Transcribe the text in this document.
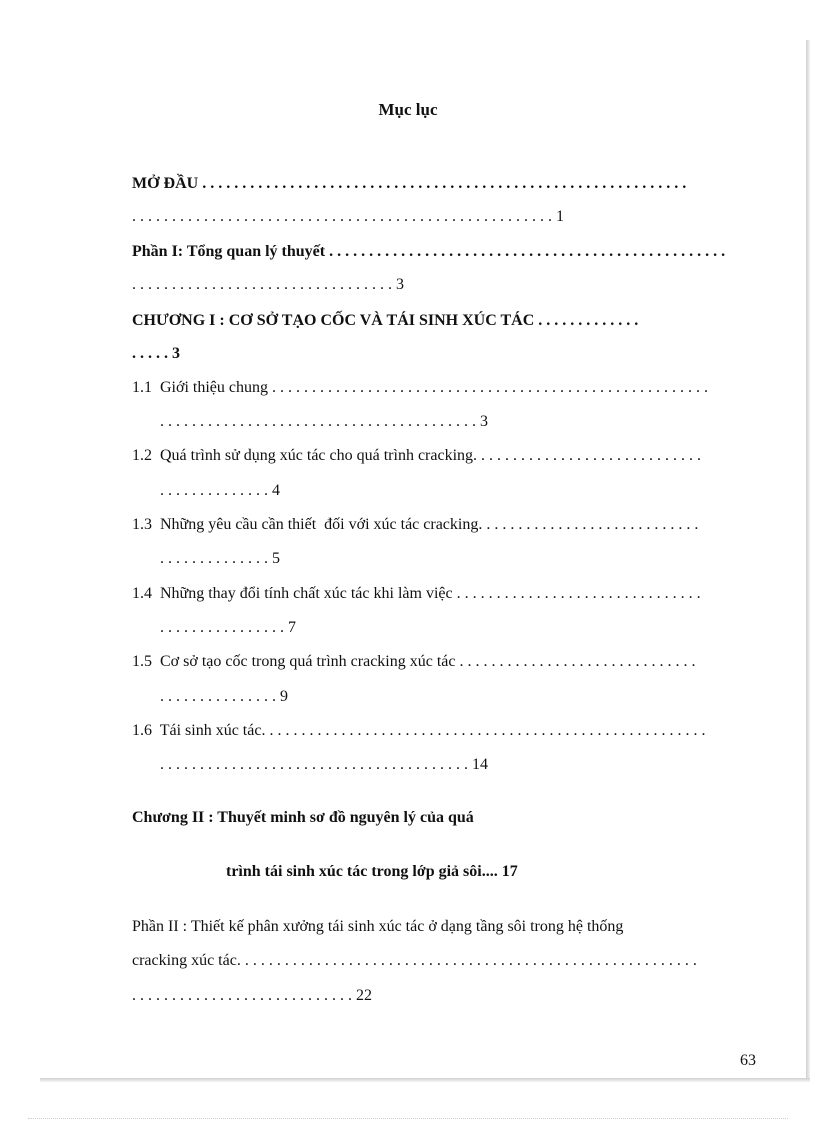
Mục lục
MỞ ĐẦU . . . . . . . . . . . . . . . . . . . . . . . . . . . . . . . . . . . . . . . . . . . . . . . . . . . . . . . . . . . . .
. . . . . . . . . . . . . . . . . . . . . . . . . . . . . . . . . . . . . . . . . . . . . . . . . . . . . 1
Phần I: Tổng quan lý thuyết . . . . . . . . . . . . . . . . . . . . . . . . . . . . . . . . . . . . . . . . . . . . . . . . . .
. . . . . . . . . . . . . . . . . . . . . . . . . . . . . . . . . 3
CHƯƠNG I : CƠ SỞ TẠO CỐC VÀ TÁI SINH XÚC TÁC . . . . . . . . . . . . .
. . . . . 3
1.1  Giới thiệu chung . . . . . . . . . . . . . . . . . . . . . . . . . . . . . . . . . . . . . . . . . . . . . . . . . . . . . . .
. . . . . . . . . . . . . . . . . . . . . . . . . . . . . . . . . . . . . . . . 3
1.2  Quá trình sử dụng xúc tác cho quá trình cracking. . . . . . . . . . . . . . . . . . . . . . . . . . . . .
. . . . . . . . . . . . . . 4
1.3  Những yêu cầu cần thiết  đối với xúc tác cracking. . . . . . . . . . . . . . . . . . . . . . . . . . . .
. . . . . . . . . . . . . . 5
1.4  Những thay đổi tính chất xúc tác khi làm việc . . . . . . . . . . . . . . . . . . . . . . . . . . . . . . .
. . . . . . . . . . . . . . . . 7
1.5  Cơ sở tạo cốc trong quá trình cracking xúc tác . . . . . . . . . . . . . . . . . . . . . . . . . . . . . .
. . . . . . . . . . . . . . . 9
1.6  Tái sinh xúc tác. . . . . . . . . . . . . . . . . . . . . . . . . . . . . . . . . . . . . . . . . . . . . . . . . . . . . . . .
. . . . . . . . . . . . . . . . . . . . . . . . . . . . . . . . . . . . . . . 14
Chương II : Thuyết minh sơ đồ nguyên lý của quá
trình tái sinh xúc tác trong lớp giả sôi.... 17
Phần II : Thiết kế phân xưởng tái sinh xúc tác ở dạng tầng sôi trong hệ thống
cracking xúc tác. . . . . . . . . . . . . . . . . . . . . . . . . . . . . . . . . . . . . . . . . . . . . . . . . . . . . . . . . .
. . . . . . . . . . . . . . . . . . . . . . . . . . . . 22
63
